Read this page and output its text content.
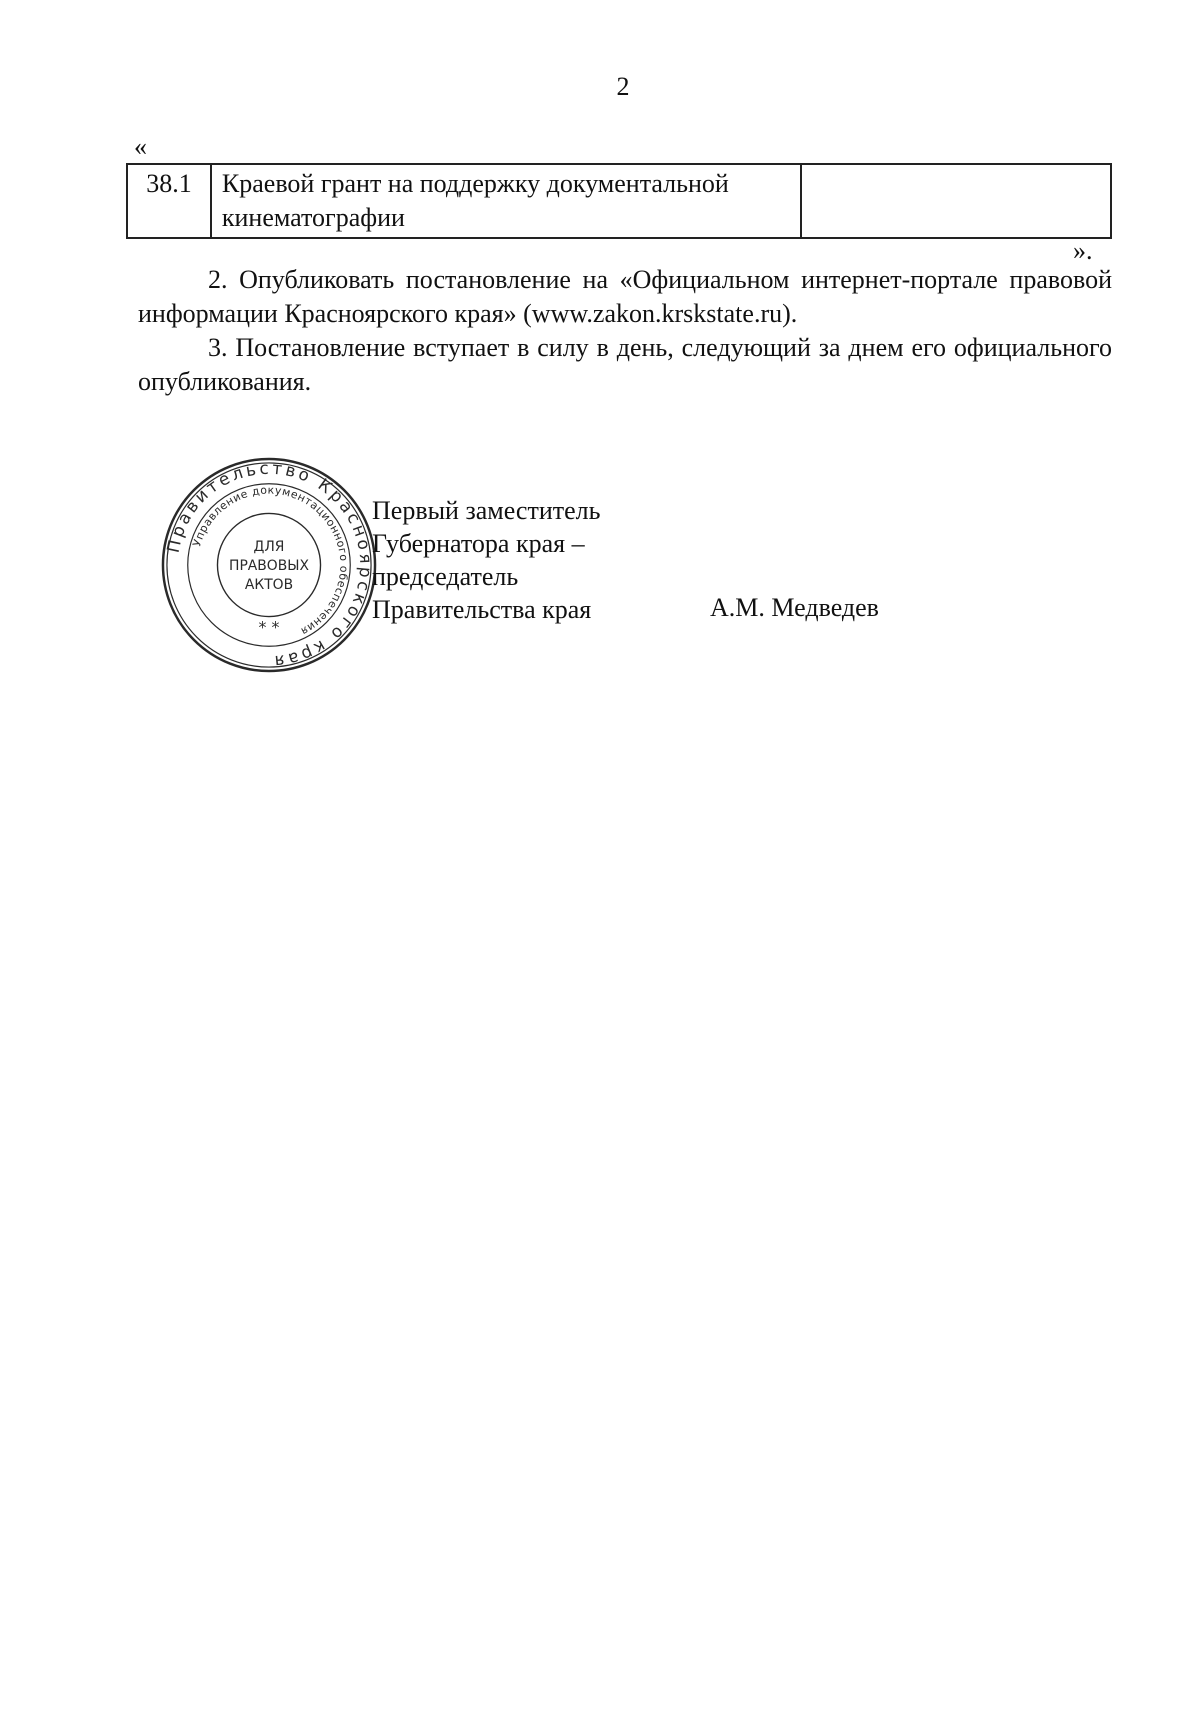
2
«
38.1	Краевой грант на поддержку документальной кинематографии	
».

2. Опубликовать постановление на «Официальном интернет-портале правовой информации Красноярского края» (www.zakon.krskstate.ru).

3. Постановление вступает в силу в день, следующий за днем его официального опубликования.

Правительство Красноярского края
Управление документационного обеспечения
ДЛЯ
ПРАВОВЫХ
АКТОВ
* *
Первый заместитель
Губернатора края –
председатель
Правительства края	А.М. Медведев
